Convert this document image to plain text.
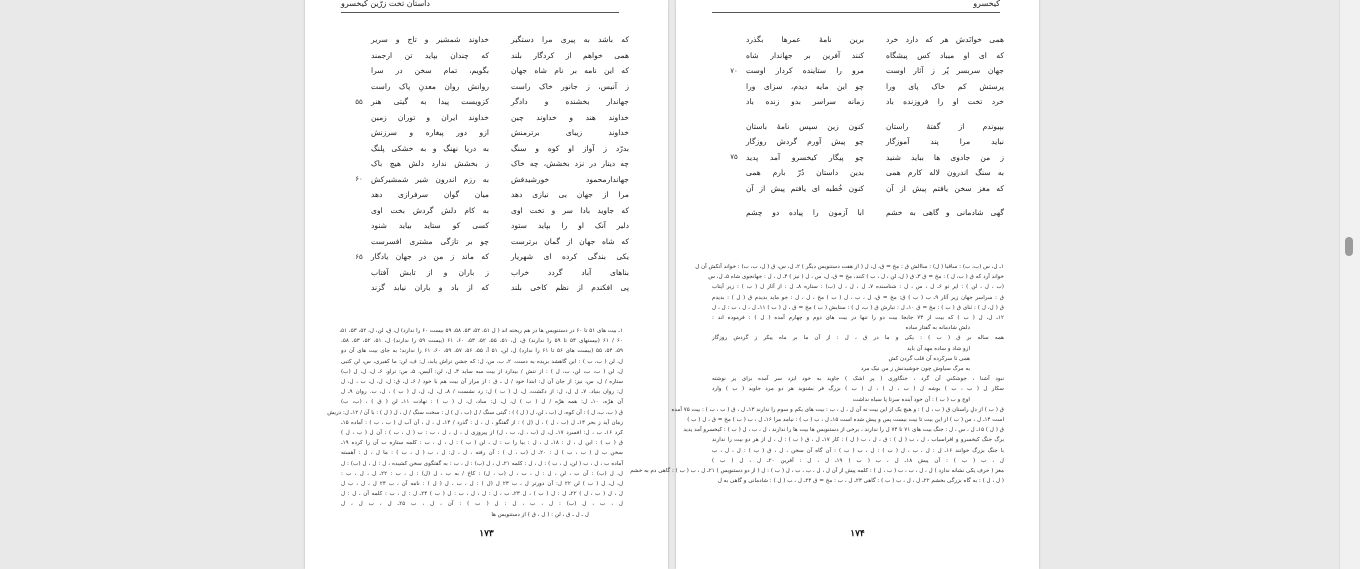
داستان تخت زرّین کیخسرو
که باشد به پیری مرا دستگیر
خداوند شمشیر و تاج و سریر
همی خواهم از کردگار بلند
که چندان بپاید تن ارجمند
که این نامه بر نام شاه جهان
بگویم، تمام سخن در سرا
ز آنیس، ز جانور خاک راست
روانش روان معدنِ پاک راست
جهاندار بخشنده و دادگر
کزویست پیدا به گیتی هنر
۵۵
خداوند هند و خداوند چین
خداوند ایران و توران زمین
خداوند زیبای برترمنش
ازو دور پیغاره و سرزنش
بدرّد ز آواز او کوه و سنگ
به دریا نهنگ و به خشکی پلنگ
چه دینار در نزد بخشش، چه خاک
ز بخشش ندارد دلش هیچ باک
جهاندارمحمود خورشیدفش
به رزم اندرون شیر شمشیرکش
۶۰
مرا از جهان بی نیازی دهد
میان گوان سرفرازی دهد
که جاوید بادا سر و تخت اوی
به کام دلش گردش بخت اوی
دلیر آنک او را بپاید ستود
کسی کو ستاید بیاید شنود
که شاه جهان از گمان برترست
چو بر تازگی مشتری افسرست
یکی بندگی کرده ای شهریار
که ماند ز من در جهان یادگار
۶۵
بناهای آباد گردد خراب
ز باران و از تابش آفتاب
پی افکندم از نظم کاخی بلند
که از باد و باران نیابد گزند
۱ـ بیت های ۵۱ تا ۶۰ در دستنویس ها در هم ریخته اند ( ل ۵۱، ۵۲، ۵۳، ۵۸، ۵۹ بیست ۶۰ را ندارد) ل، ق، لن، ل، ۵۲، ۵۳، ۵۱،
۶۰ / ۶۱ (بیستهای ۵۴ تا ۵۹ را ندارند) ق، ل، ۵۱، ۵۵، ۵۲، ۵۳، ۶۰، ۶۱ (بیست ۵۹ را ندارند) ل، ۵۱، ۵۲، ۵۳، ۵۸،
۵۹، ۵۴، ۵۵ (بیست های ۵۶ تا ۶۱ را ندارد) ل، لن، ۵۱ آ، ۵۵، ۵۶، ۵۷، ۵۹، ۶۰، ۶۱ را ندارند؛ به جای بیت های آن دو
ل، لن ( ب، ب ) : این گاهشد بریده به دست. ۲ـ ب، س، ل: که جشن تراش یابد، ل: ف، لن: ما کفیری، س، لن کتبی
ل، لن ( ب، ب، لن، ب، ل ) : از تنش / بیدارد از بیت سه ساید ۳ـ ل، لن: آلیس. ۵ـ س: تراو. ۶ـ ل، ل، ل (ب)
ستاره / ل، س، نیز: از جان آن ل: ابتدا خود / ل ـ ق : از مرار آن بیت هم با خود / ۶ـ ل، ق: ل، ل، ل، ب ، ل، ل
ل: روان بنیاد. ۷ـ ل ل، ل: از دکشت، ل، ل ( ب ) ل: رد نشست / ۸ـ ل، ل، ل، ل ( ب ) ، ل، ب. روان ۹ـ ل
آن هرّه، ۱۰ـ ل: همه هرّه / ل ( ب ) ل، ل، ل: ساد، ل، ل ( ب ) : نهادت ۱۱ـ لن ( ق ) ، (ب، ب)
ق ( ب، ب، ل ) : آن کوه، ل (ب ، لن، ل ( ل ) ) : گیتی سنگ / ل (ب ، ل ) ل : سخت سنگ / ل ، ل ( ل ) : با آن / ۱۲ـ ل: دریش
زمان آید ز بحر ۱۳ـ ل (ب ، ل ) ، ل (ل ) : از گفتگو ، ل ، ل : گذرد / ۱۴ـ ل ، ل ، آن آب ل ( ب ، ب ) : آماده ۱۵ـ
کرد ۱۶ـ ب ، ل: افسرد ۱۷ـ ل، ل (ب ، ل، ب ، ل) از پیروزی ل ، ل ، ل ، ب : ب ( ل ، ب ) : آن ل ( ب ، ل )
ق ( ب ) : این ل ، ل : ۱۸ـ ل ، ل : بیا را ب : ل ، لن ( ب ) : ل ، ل ، ب : کلمه ستاره ب آن را کرده ۱۹ـ
سخن ب ل ( ب ، ب ) ل : ۲۰ـ ل (ب ، ل ) : آن رفته ، ل ، ل: ل ، ب ( ل ، ب ) : ما ل ، ل : آهسته
آماده ب ، ل ، ب ( لن، ل ، ب ) : ل ، ل : کلمه ۲۱ـ ل ، ل (ب) : ل ، ب : به گفتگوی سخن کشیده ، ل : ل ، ل (ب) : ل
ل، ل (ب) : آن ب ، لن ، ل : ل ، ب ، ل (ب ، ل) : کاخ / به ب ، ل (ل) : ل ، ب : ۲۲ـ ل ، ل ، ب :
ل، ل، ل ( ب ) لن ۲۲ ل: آن دورتر ل ، ب ۲۳ ل (ل ) : ل ، ب ، ل ( ل ) : نامه آن ، ب ۲۴ ل ، ل ، ب ل
ل ، ل ( ب ، ل ) ۲۲ـ ل : ل ( ب ) ، ل ۲۳ـ ب ، ل : ل ، ل ، ب : ل ( ب ) ۲۴ـ ل : ل ، ب : کلمه آن ، ل : ل
ل ، ب ، ل (ب) : ل ، ب ، ل : ل ( ب ) : آن ، ل ، ب ۲۵ـ ل ، ب ل ، ل
ل ـ ل ـ ق ، لن : ( ل ، ق ) از دستنویس ها
۱۷۳
کیخسرو
همی خوانَدش هر که دارد خرد
برین نامهٔ عمرها بگذرد
که ای او میباد کس پیشگاه
کنند آفرین بر جهاندار شاه
جهان سربسر پُر ز آثار اوست
مرو را ستاینده کردار اوست
۷۰
پرستش کم خاک پای ورا
چو این مایه دیدم، سزای ورا
خرد تخت او را فروزنده باد
زمانه سراسر بدو زنده باد
بپیوندم از گفتهٔ راستان
کنون زین سپس نامهٔ باستان
نباید مرا پند آموزگار
چو پیش آورم گردش روزگار
ز من جادوی ها بباید شنید
چو پیگار کیخسرو آمد پدید
۷۵
به سنگ اندرون لاله کارم همی
بدین داستان دُرّ بارم همی
که مغز سخن یافتم پیش از آن
کنون خُطبه ای یافتم پیش از آن
گهی شادمانی و گاهی به خشم
ابا آزمون را پیاده دو چشم
۱ـ ل، س (ب، ب) : ساقیا ( ل) : ساالش ق : مخ = ق، ل، ل ( از هفت دستنویس دیگر ) ۲ـ ل، س، ق ( ل، ب، ب) : خواند آنکش آن ل
خواند آرد که ق ( ب، ل ) : مخ = ق ۳ـ ق ( ل، لن ، ل ، ب ) کنند، مخ = ق، ل، س ، ل ( نیز ) ۴ـ ل ، ل : جهانجوی شاه ۵ـ ل، س
(ب ، ل ، لن ) : ایر تو ۶ـ ل ، س ، ل : شناسنده ۷ـ ل ، ل ، ل (ب) : ستاره ۸ـ ل : از آثار ل ( ب ) : زیر آیتاب
ق : سراسر جهان زیر آثار ۹ـ ب ( ب ) ق: مخ = ق، ل ، ب ، ل ( ب ) مخ ، ل ، ل : جو ماید بدیدم ق ( ل ) : بدیدم
ق ( ل، ل ) : ثنای ق ( ب ) : مخ = ق ۱۰ـ ل : تبارش ق ( ب، ل ) : ستایش ( ب ) مخ = ق ، ل ( ب ) ۱۱ـ ل ، ل ، ب : ل ، ل
۱۲ـ ل، ل ( ب ) که بیت از ۷۳ جابجا بیت دو را تنها در بیت های دوم و چهارم آمده ( ل ) : فرموده اند :
دلش شادمانه به گفتار ساده
همه ساله بر ق ( ب ) : یکی و ما در ق ، ل : از آن ما بر ماه پیکر ز گردش روزگار
ازو شاد و ساده مهد آن باید
همی تا سرکرده آن قلب گردن کش
به مرگ سیاوش چون جوشیدنش ز من نیک مرد
نبود آشنا ، جوشکنیِ آن گرد ، جنگاوری ( پر اشک ) جاوید به خود ایزد سر آمده برای پر نوشته
سکار ل ( ب ، ب ) بوشه ل ( ب ، ل ) ، ل ( ب ) بزرگ فر بشنوید هر دو مرد جاوید ( ب ) وارد
اوج و ب ( ب ) : آن خود آینده سرتا پا سیاه نداشت
ق ( ب ) از دلِ راستان ق ( ب ، ل ) : و هیچ یک از این بیت نه آن ل ، ل ، ب : بیت های یکم و سوم را ندارند ۱۳ـ ل ، ق ( ب ، ب ) : بیت ۷۵ آمده
است ۱۴ـ ل ، س ( ب ) از این بیت تا بیت بیست پس و پیش شده است ۱۵ـ ل ، ب ( ب ) : نیامد مرا ۱۶ـ ل ، ب ( ب ) مخ = ق ، ل ( ب )
ق ( ل ) ۱۵ـ ل ، س ، ل : جنگ بیت های ۷۱ تا ۷۴ ل را ندارند ، برخی از دستنویس ها بیت ها را ندارند ، ل ، ب ، ل ( ب ) : کیخسرو آمد پدید
برگ جنگ کیخسرو و افراسیاب ، ل ، ب ( ل ) : ق ، ل ، ب ( ل ) : کار ۱۷ـ ل ، ق ( ب ) : ل ، ل از هر دو بیت را ندارند
با جنگ بزرگ خوانند ۱۶ـ ل : ل ، ب ، ل ( ب ) : ل ، ب ( ب ) : آن گاه آن سخن ، ل ، ق ( ب ) : ل ، ل ، ب
ل ، ب ( ب ) : آن پیش ۱۸ـ ل ، ب ( ب ) ۱۹ـ ل ، ل : آفرین ۲۰ـ ل ، ل ( ب )
مغز ( حرف یکی نشانه ندارد ) ل ، ل ، ب ، ب ( ب ، ل ) : کلمه پیش از آن ل ، ل ، ب ، ب ، ل ( ب ) : ل ( از دو دستنویس ) ۲۱ـ ل ، ب ( ب ) : گاهی دم به خشم
( ل ، ل ) : به گاه بزرگی بخشم ۲۲ـ ل ، ل ، ب ( ب ) : گاهی ۲۳ـ ل ، ب : مخ = ق ۲۴ـ ل ، ب ( ل ) : شادمانی و گاهی به ل
۱۷۴
